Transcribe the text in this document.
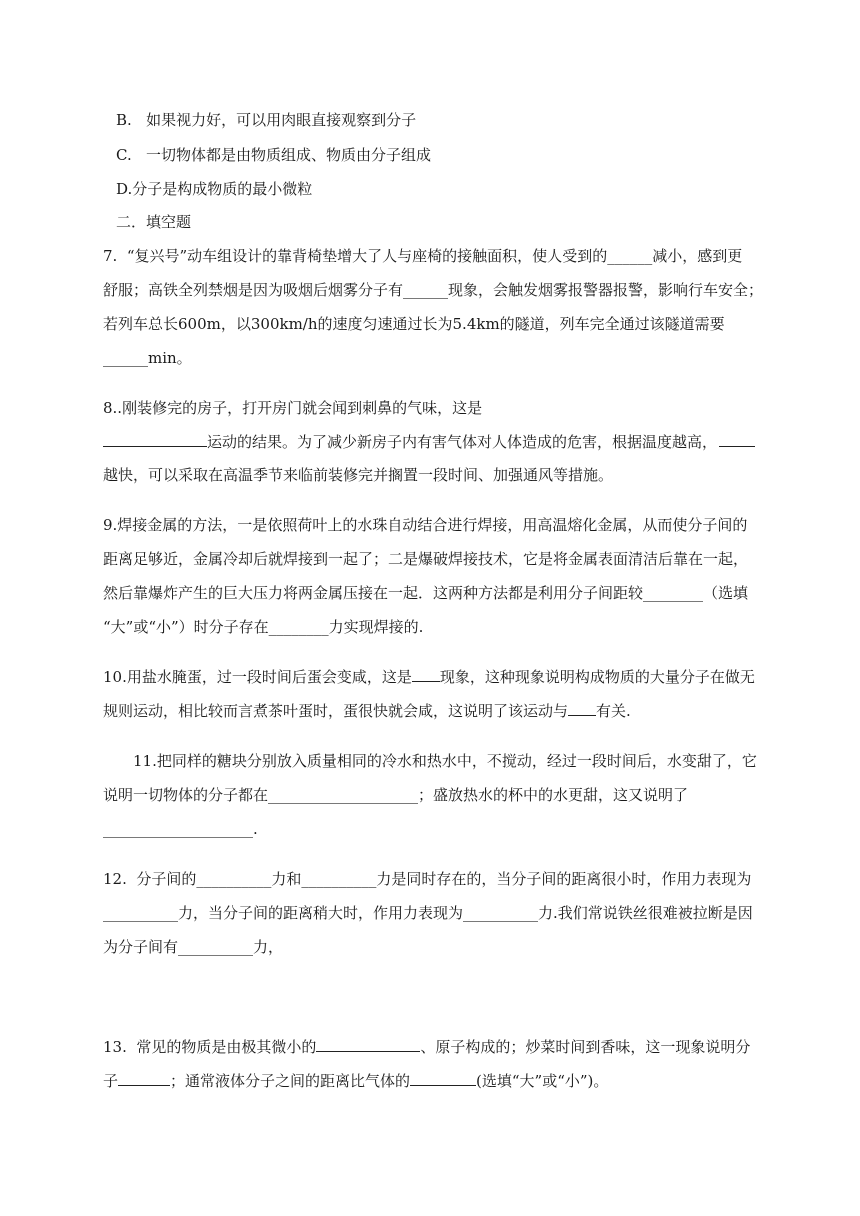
B.   如果视力好，可以用肉眼直接观察到分子
C.   一切物体都是由物质组成、物质由分子组成
D.分子是构成物质的最小微粒
二．填空题
7.  “复兴号”动车组设计的靠背椅垫增大了人与座椅的接触面积，使人受到的______减小，感到更
舒服；高铁全列禁烟是因为吸烟后烟雾分子有______现象，会触发烟雾报警器报警，影响行车安全；
若列车总长600m，以300km/h的速度匀速通过长为5.4km的隧道，列车完全通过该隧道需要
______min。
8..刚装修完的房子，打开房门就会闻到刺鼻的气味，这是
运动的结果。为了减少新房子内有害气体对人体造成的危害，根据温度越高，
越快，可以采取在高温季节来临前装修完并搁置一段时间、加强通风等措施。
9.焊接金属的方法，一是依照荷叶上的水珠自动结合进行焊接，用高温熔化金属，从而使分子间的
距离足够近，金属冷却后就焊接到一起了；二是爆破焊接技术，它是将金属表面清洁后靠在一起，
然后靠爆炸产生的巨大压力将两金属压接在一起．这两种方法都是利用分子间距较________（选填
“大”或“小”）时分子存在________力实现焊接的.
10.用盐水腌蛋，过一段时间后蛋会变咸，这是 现象，这种现象说明构成物质的大量分子在做无
规则运动，相比较而言煮茶叶蛋时，蛋很快就会咸，这说明了该运动与 有关.
11.把同样的糖块分别放入质量相同的冷水和热水中，不搅动，经过一段时间后，水变甜了，它
说明一切物体的分子都在____________________；盛放热水的杯中的水更甜，这又说明了
____________________.
12.  分子间的__________力和__________力是同时存在的，当分子间的距离很小时，作用力表现为
__________力，当分子间的距离稍大时，作用力表现为__________力.我们常说铁丝很难被拉断是因
为分子间有__________力，
13.  常见的物质是由极其微小的	、原子构成的；炒菜时间到香味，这一现象说明分
子	；通常液体分子之间的距离比气体的	(选填“大”或“小”)。
